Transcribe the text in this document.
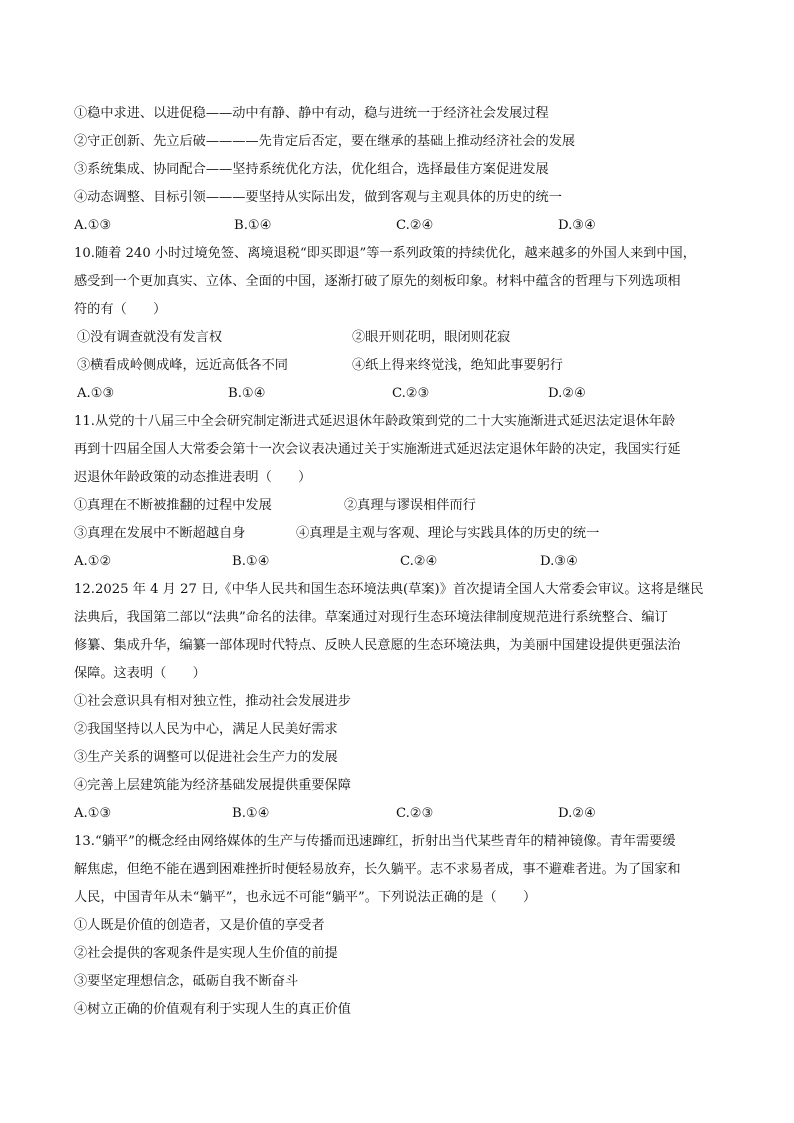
①稳中求进、以进促稳——动中有静、静中有动，稳与进统一于经济社会发展过程
②守正创新、先立后破————先肯定后否定，要在继承的基础上推动经济社会的发展
③系统集成、协同配合——坚持系统优化方法，优化组合，选择最佳方案促进发展
④动态调整、目标引领———要坚持从实际出发，做到客观与主观具体的历史的统一
A.①③	B.①④	C.②④	D.③④
10.随着 240 小时过境免签、离境退税“即买即退”等一系列政策的持续优化，越来越多的外国人来到中国，
感受到一个更加真实、立体、全面的中国，逐渐打破了原先的刻板印象。材料中蕴含的哲理与下列选项相
符的有（　　）
①没有调查就没有发言权	②眼开则花明，眼闭则花寂
③横看成岭侧成峰，远近高低各不同	④纸上得来终觉浅，绝知此事要躬行
A.①③	B.①④	C.②③	D.②④
11.从党的十八届三中全会研究制定渐进式延迟退休年龄政策到党的二十大实施渐进式延迟法定退休年龄
再到十四届全国人大常委会第十一次会议表决通过关于实施渐进式延迟法定退休年龄的决定，我国实行延
迟退休年龄政策的动态推进表明（　　）
①真理在不断被推翻的过程中发展	②真理与谬误相伴而行
③真理在发展中不断超越自身	④真理是主观与客观、理论与实践具体的历史的统一
A.①②	B.①④	C.②④	D.③④
12.2025 年 4 月 27 日,《中华人民共和国生态环境法典(草案)》首次提请全国人大常委会审议。这将是继民
法典后，我国第二部以“法典”命名的法律。草案通过对现行生态环境法律制度规范进行系统整合、编订
修纂、集成升华，编纂一部体现时代特点、反映人民意愿的生态环境法典，为美丽中国建设提供更强法治
保障。这表明（　　）
①社会意识具有相对独立性，推动社会发展进步
②我国坚持以人民为中心，满足人民美好需求
③生产关系的调整可以促进社会生产力的发展
④完善上层建筑能为经济基础发展提供重要保障
A.①③	B.①④	C.②③	D.②④
13.“躺平”的概念经由网络媒体的生产与传播而迅速蹿红，折射出当代某些青年的精神镜像。青年需要缓
解焦虑，但绝不能在遇到困难挫折时便轻易放弃，长久躺平。志不求易者成，事不避难者进。为了国家和
人民，中国青年从未“躺平”，也永远不可能“躺平”。下列说法正确的是（　　）
①人既是价值的创造者，又是价值的享受者
②社会提供的客观条件是实现人生价值的前提
③要坚定理想信念，砥砺自我不断奋斗
④树立正确的价值观有利于实现人生的真正价值
